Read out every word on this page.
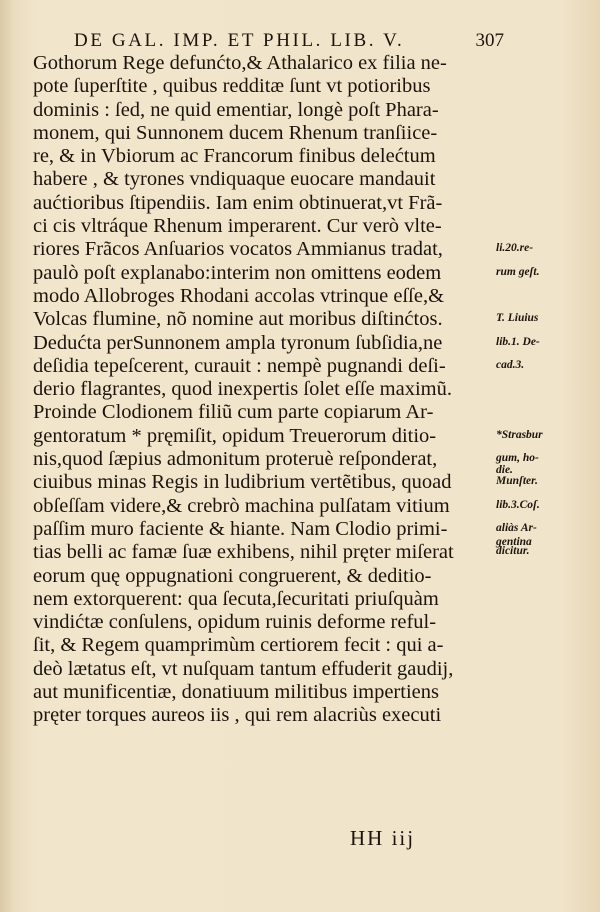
DE GAL. IMP. ET PHIL. LIB. V.	307
Gothorum Rege defunćto,& Athalarico ex filia ne-
pote ſuperſtite , quibus redditæ ſunt vt potioribus
dominis : ſed, ne quid ementiar, longè poſt Phara-
monem, qui Sunnonem ducem Rhenum tranſiice-
re, & in Vbiorum ac Francorum finibus delećtum
habere , & tyrones vndiquaque euocare mandauit
aućtioribus ſtipendiis. Iam enim obtinuerat,vt Frã-
ci cis vltráque Rhenum imperarent. Cur verò vlte-
riores Frãcos Anſuarios vocatos Ammianus tradat,
paulò poſt explanabo:interim non omittens eodem
modo Allobroges Rhodani accolas vtrinque eſſe,&
Volcas flumine, nõ nomine aut moribus diſtinćtos.
Dedućta perSunnonem ampla tyronum ſubſidia,ne
deſidia tepeſcerent, curauit : nempè pugnandi deſi-
derio flagrantes, quod inexpertis ſolet eſſe maximũ.
Proinde Clodionem filiũ cum parte copiarum Ar-
gentoratum * pręmiſit, opidum Treuerorum ditio-
nis,quod ſæpius admonitum proteruè reſponderat,
ciuibus minas Regis in ludibrium vertẽtibus, quoad
obſeſſam videre,& crebrò machina pulſatam vitium
paſſim muro faciente & hiante. Nam Clodio primi-
tias belli ac famæ ſuæ exhibens, nihil pręter miſerat
eorum quę oppugnationi congruerent, & deditio-
nem extorquerent: qua ſecuta,ſecuritati priuſquàm
vindićtæ conſulens, opidum ruinis deforme reful-
ſit, & Regem quamprimùm certiorem fecit : qui a-
deò lætatus eſt, vt nuſquam tantum effuderit gaudij,
aut munificentiæ, donatiuum militibus impertiens
pręter torques aureos iis , qui rem alacriùs executi
li.20.re-
rum geſt.
T. Liuius
lib.1. De-
cad.3.
*Strasbur
gum, ho-
die.
Munſter.
lib.3.Coſ.
aliàs Ar-
gentina
dicitur.
HH iij
